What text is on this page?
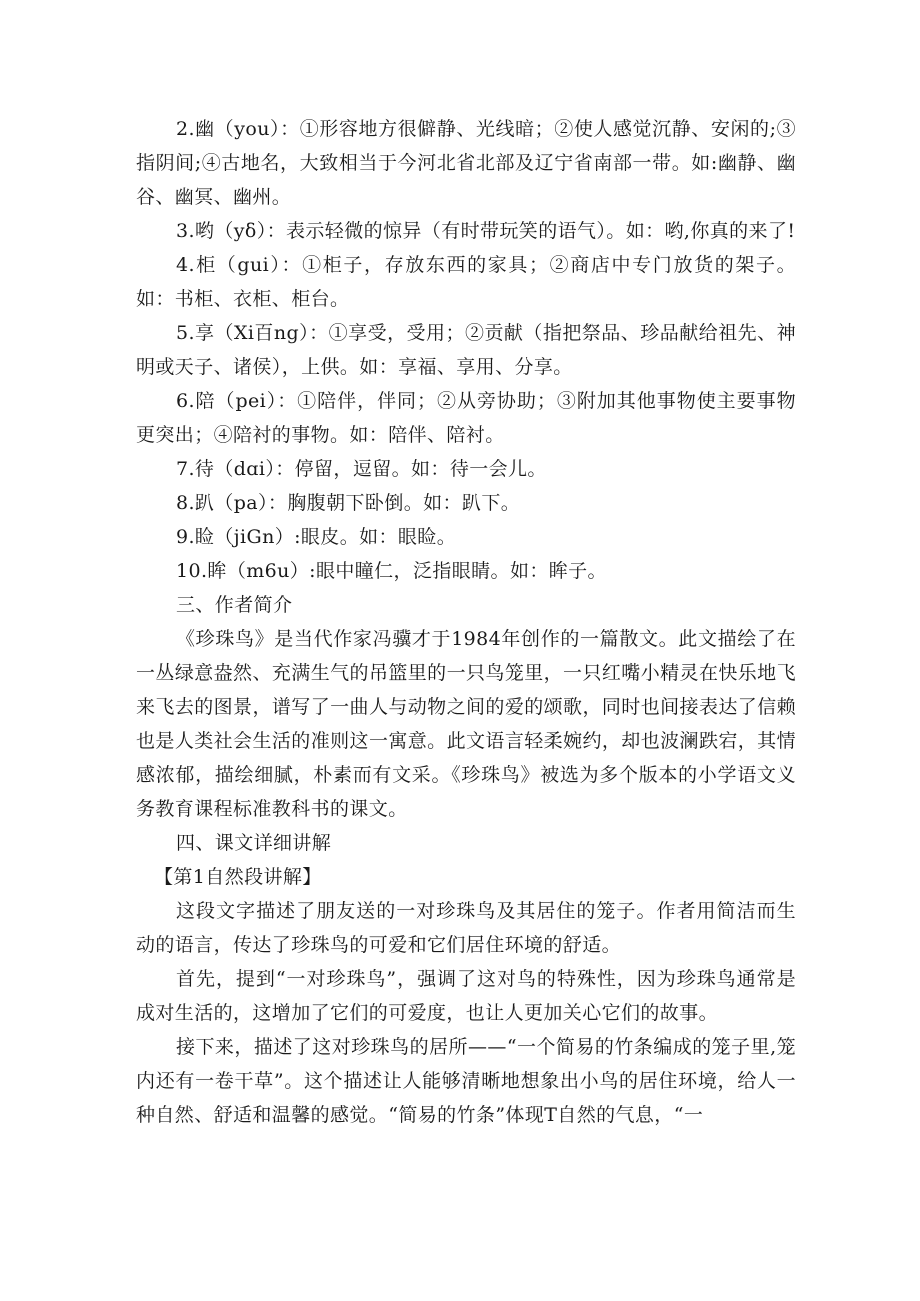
2.幽（you）：①形容地方很僻静、光线暗；②使人感觉沉静、安闲的;③指阴间;④古地名，大致相当于今河北省北部及辽宁省南部一带。如:幽静、幽谷、幽冥、幽州。

3.哟（yδ）：表示轻微的惊异（有时带玩笑的语气）。如：哟,你真的来了!

4.柜（gui）：①柜子，存放东西的家具；②商店中专门放货的架子。如：书柜、衣柜、柜台。

5.享（Xi百ng）：①享受，受用；②贡献（指把祭品、珍品献给祖先、神明或天子、诸侯），上供。如：享福、享用、分享。

6.陪（pei）：①陪伴，伴同；②从旁协助；③附加其他事物使主要事物更突出；④陪衬的事物。如：陪伴、陪衬。

7.待（dɑi）：停留，逗留。如：待一会儿。

8.趴（pa）：胸腹朝下卧倒。如：趴下。

9.睑（jiGn）:眼皮。如：眼睑。

10.眸（m6u）:眼中瞳仁，泛指眼睛。如：眸子。

三、作者简介

《珍珠鸟》是当代作家冯骥才于1984年创作的一篇散文。此文描绘了在一丛绿意盎然、充满生气的吊篮里的一只鸟笼里，一只红嘴小精灵在快乐地飞来飞去的图景，谱写了一曲人与动物之间的爱的颂歌，同时也间接表达了信赖也是人类社会生活的准则这一寓意。此文语言轻柔婉约，却也波澜跌宕，其情感浓郁，描绘细腻，朴素而有文采。《珍珠鸟》被选为多个版本的小学语文义务教育课程标准教科书的课文。

四、课文详细讲解

【第1自然段讲解】

这段文字描述了朋友送的一对珍珠鸟及其居住的笼子。作者用简洁而生动的语言，传达了珍珠鸟的可爱和它们居住环境的舒适。

首先，提到“一对珍珠鸟”，强调了这对鸟的特殊性，因为珍珠鸟通常是成对生活的，这增加了它们的可爱度，也让人更加关心它们的故事。

接下来，描述了这对珍珠鸟的居所——“一个简易的竹条编成的笼子里,笼内还有一卷干草”。这个描述让人能够清晰地想象出小鸟的居住环境，给人一种自然、舒适和温馨的感觉。“简易的竹条”体现T自然的气息，“一
